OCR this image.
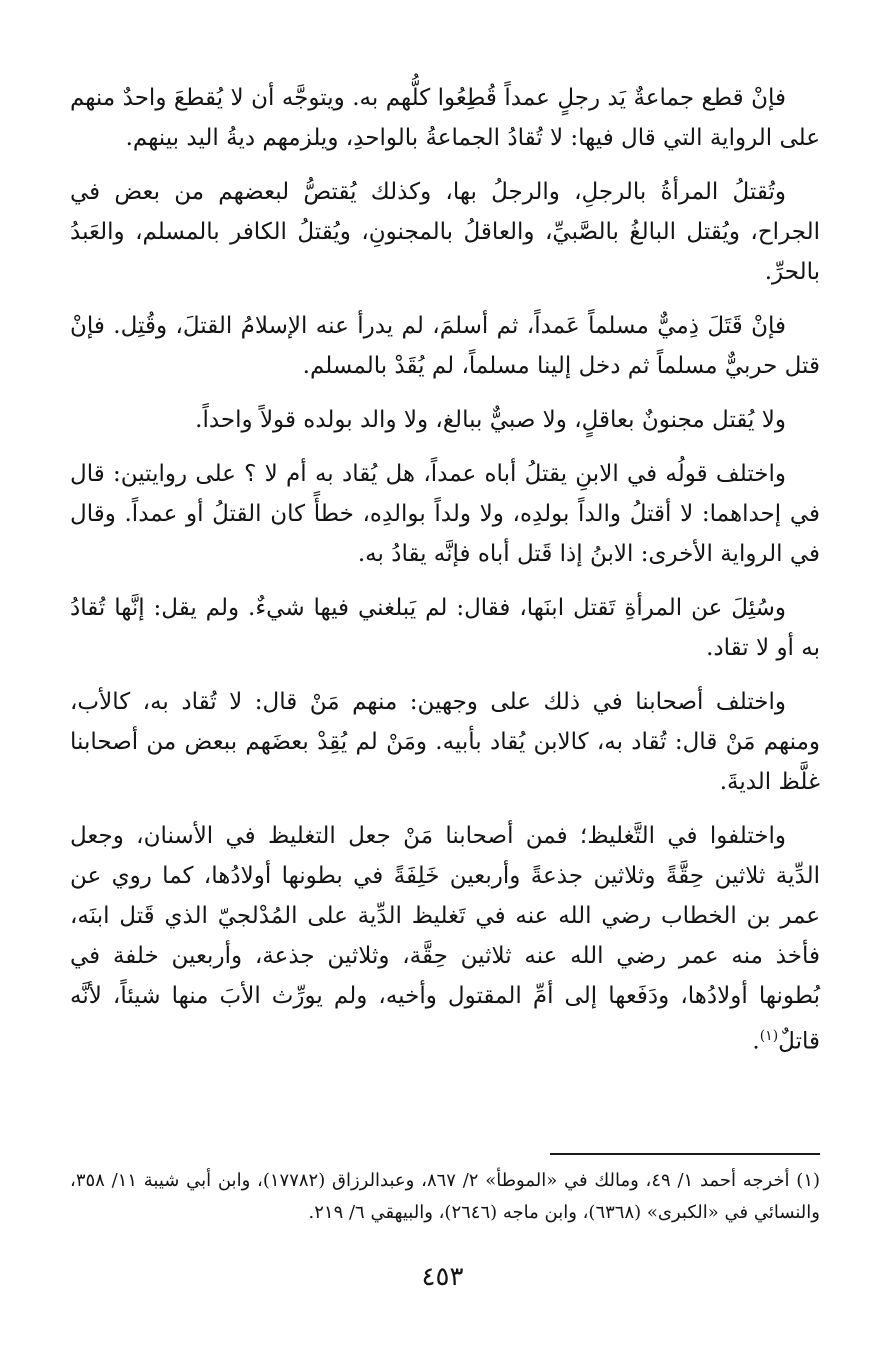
فإنْ قطع جماعةٌ يَد رجلٍ عمداً قُطِعُوا كلُّهم به. ويتوجَّه أن لا يُقطعَ واحدٌ منهم على الرواية التي قال فيها: لا تُقادُ الجماعةُ بالواحدِ، ويلزمهم ديةُ اليد بينهم.

وتُقتلُ المرأةُ بالرجلِ، والرجلُ بها، وكذلك يُقتصُّ لبعضهم من بعض في الجراح، ويُقتل البالغُ بالصَّبيِّ، والعاقلُ بالمجنونِ، ويُقتلُ الكافر بالمسلم، والعَبدُ بالحرِّ.

فإنْ قَتَلَ ذِميٌّ مسلماً عَمداً، ثم أسلمَ، لم يدرأ عنه الإسلامُ القتلَ، وقُتِل. فإنْ قتل حربيٌّ مسلماً ثم دخل إلينا مسلماً، لم يُقَدْ بالمسلم.

ولا يُقتل مجنونٌ بعاقلٍ، ولا صبيٌّ ببالغ، ولا والد بولده قولاً واحداً.

واختلف قولُه في الابنِ يقتلُ أباه عمداً، هل يُقاد به أم لا ؟ على روايتين: قال في إحداهما: لا أقتلُ والداً بولدِه، ولا ولداً بوالدِه، خطأً كان القتلُ أو عمداً. وقال في الرواية الأخرى: الابنُ إذا قَتل أباه فإنَّه يقادُ به.

وسُئِلَ عن المرأةِ تَقتل ابنَها، فقال: لم يَبلغني فيها شيءٌ. ولم يقل: إنَّها تُقادُ به أو لا تقاد.

واختلف أصحابنا في ذلك على وجهين: منهم مَنْ قال: لا تُقاد به، كالأب، ومنهم مَنْ قال: تُقاد به، كالابن يُقاد بأبيه. ومَنْ لم يُقِدْ بعضَهم ببعض من أصحابنا غلَّظ الديةَ.

واختلفوا في التَّغليظ؛ فمن أصحابنا مَنْ جعل التغليظ في الأسنان، وجعل الدِّية ثلاثين حِقَّةً وثلاثين جذعةً وأربعين خَلِفَةً في بطونها أولادُها، كما روي عن عمر بن الخطاب رضي الله عنه في تَغليظ الدِّية على المُدْلجيّ الذي قَتل ابنَه، فأخذ منه عمر رضي الله عنه ثلاثين حِقَّة، وثلاثين جذعة، وأربعين خلفة في بُطونها أولادُها، ودَفَعها إلى أمِّ المقتول وأخيه، ولم يورِّث الأبَ منها شيئاً، لأنَّه قاتلٌ$^{(١)}$.

(١) أخرجه أحمد ١/ ٤٩، ومالك في «الموطأ» ٢/ ٨٦٧، وعبدالرزاق (١٧٧٨٢)، وابن أبي شيبة ١١/ ٣٥٨، والنسائي في «الكبرى» (٦٣٦٨)، وابن ماجه (٢٦٤٦)، والبيهقي ٦/ ٢١٩.
٤٥٣
